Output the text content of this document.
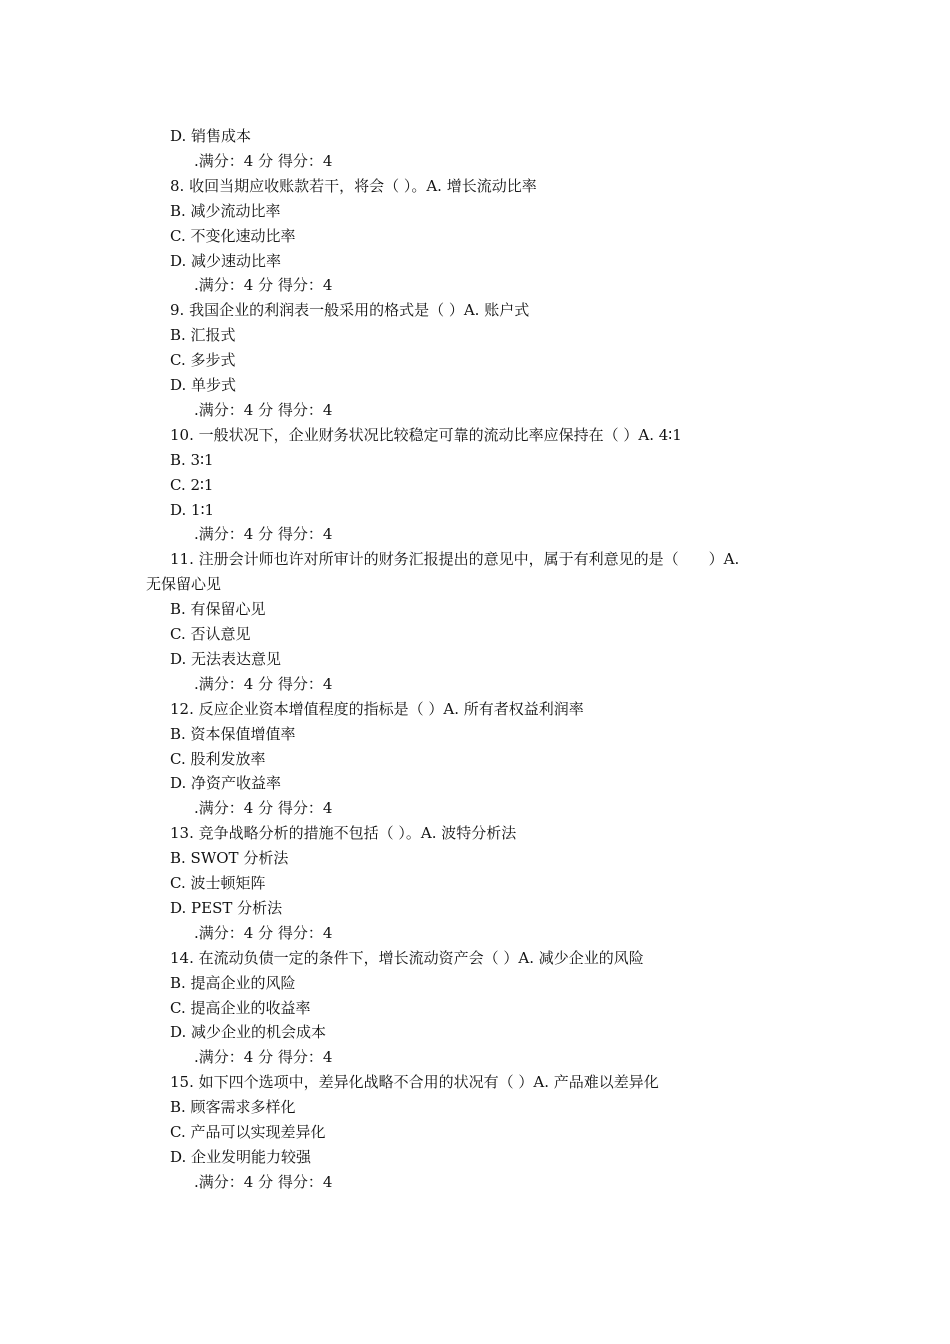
D. 销售成本
.满分：4 分 得分：4
8. 收回当期应收账款若干，将会（ ）。A. 增长流动比率
B. 减少流动比率
C. 不变化速动比率
D. 减少速动比率
.满分：4 分 得分：4
9. 我国企业的利润表一般采用的格式是（ ）A. 账户式
B. 汇报式
C. 多步式
D. 单步式
.满分：4 分 得分：4
10. 一般状况下，企业财务状况比较稳定可靠的流动比率应保持在（ ）A. 4∶1
B. 3∶1
C. 2∶1
D. 1∶1
.满分：4 分 得分：4
11. 注册会计师也许对所审计的财务汇报提出的意见中，属于有利意见的是（　　）A.
无保留心见
B. 有保留心见
C. 否认意见
D. 无法表达意见
.满分：4 分 得分：4
12. 反应企业资本增值程度的指标是（ ）A. 所有者权益利润率
B. 资本保值增值率
C. 股利发放率
D. 净资产收益率
.满分：4 分 得分：4
13. 竞争战略分析的措施不包括（ ）。A. 波特分析法
B. SWOT 分析法
C. 波士顿矩阵
D. PEST 分析法
.满分：4 分 得分：4
14. 在流动负债一定的条件下，增长流动资产会（ ）A. 减少企业的风险
B. 提高企业的风险
C. 提高企业的收益率
D. 减少企业的机会成本
.满分：4 分 得分：4
15. 如下四个选项中，差异化战略不合用的状况有（ ）A. 产品难以差异化
B. 顾客需求多样化
C. 产品可以实现差异化
D. 企业发明能力较强
.满分：4 分 得分：4
